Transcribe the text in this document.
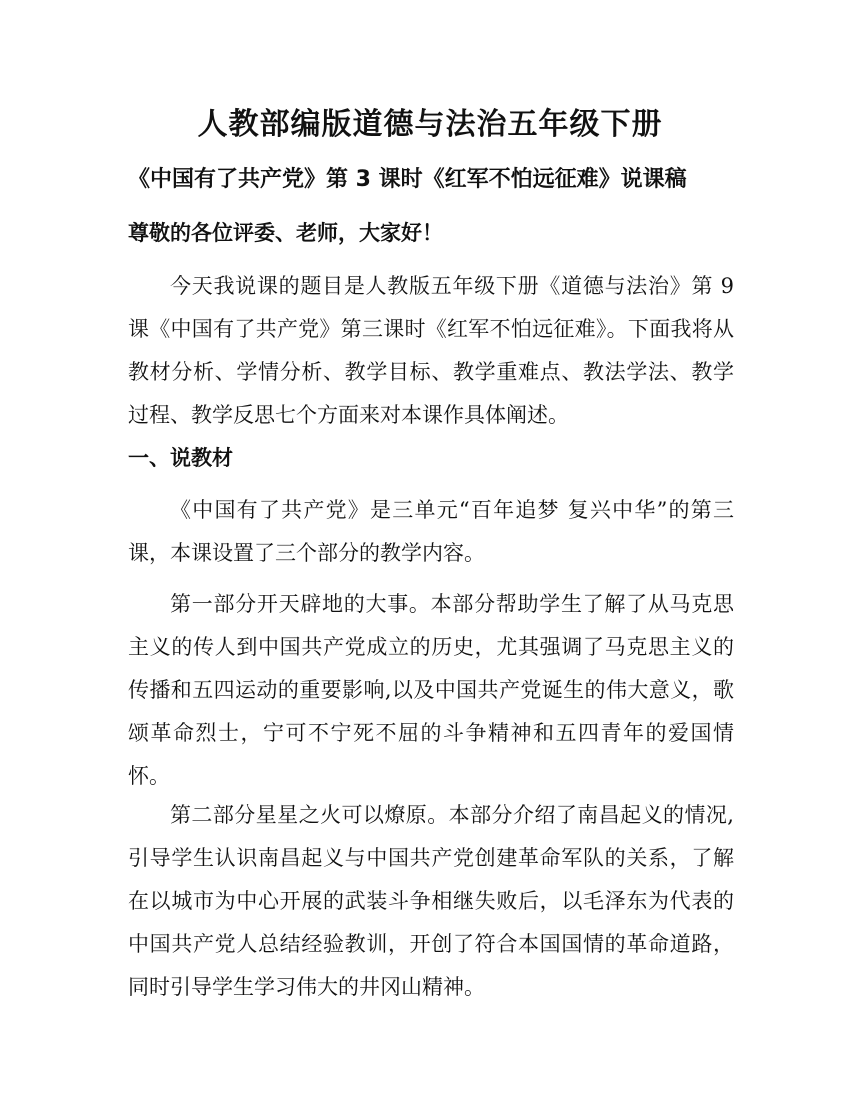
人教部编版道德与法治五年级下册
《中国有了共产党》第 3 课时《红军不怕远征难》说课稿
尊敬的各位评委、老师，大家好！

今天我说课的题目是人教版五年级下册《道德与法治》第 9 课《中国有了共产党》第三课时《红军不怕远征难》。下面我将从教材分析、学情分析、教学目标、教学重难点、教法学法、教学过程、教学反思七个方面来对本课作具体阐述。

一、说教材

《中国有了共产党》是三单元“百年追梦 复兴中华”的第三课，本课设置了三个部分的教学内容。

第一部分开天辟地的大事。本部分帮助学生了解了从马克思主义的传人到中国共产党成立的历史，尤其强调了马克思主义的传播和五四运动的重要影响,以及中国共产党诞生的伟大意义，歌颂革命烈士，宁可不宁死不屈的斗争精神和五四青年的爱国情怀。

第二部分星星之火可以燎原。本部分介绍了南昌起义的情况,引导学生认识南昌起义与中国共产党创建革命军队的关系，了解在以城市为中心开展的武装斗争相继失败后，以毛泽东为代表的中国共产党人总结经验教训，开创了符合本国国情的革命道路，同时引导学生学习伟大的井冈山精神。
